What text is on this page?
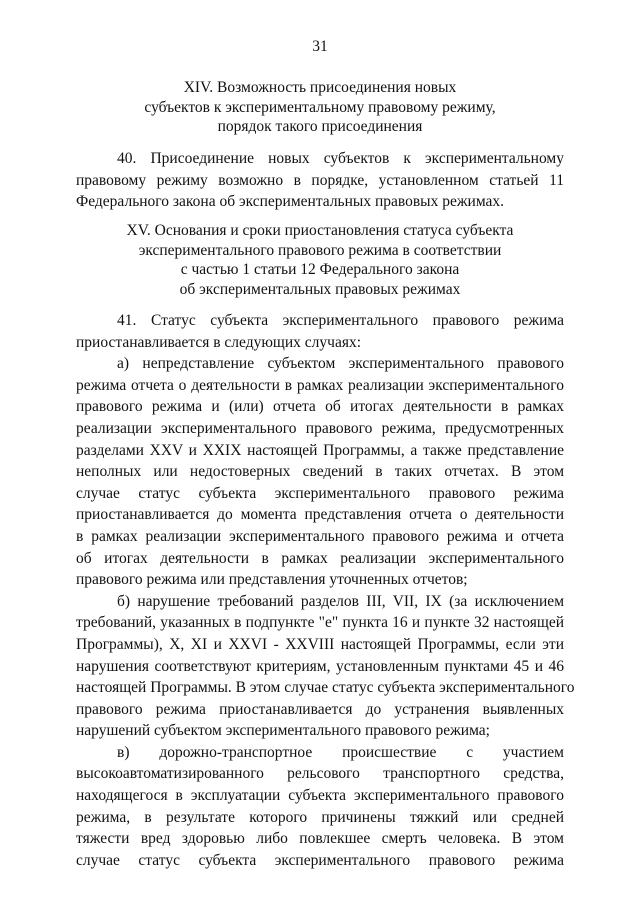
31
XIV. Возможность присоединения новых
субъектов к экспериментальному правовому режиму,
порядок такого присоединения
40. Присоединение новых субъектов к экспериментальному
правовому режиму возможно в порядке, установленном статьей 11
Федерального закона об экспериментальных правовых режимах.
XV. Основания и сроки приостановления статуса субъекта
экспериментального правового режима в соответствии
с частью 1 статьи 12 Федерального закона
об экспериментальных правовых режимах
41. Статус субъекта экспериментального правового режима
приостанавливается в следующих случаях:
а) непредставление субъектом экспериментального правового
режима отчета о деятельности в рамках реализации экспериментального
правового режима и (или) отчета об итогах деятельности в рамках
реализации экспериментального правового режима, предусмотренных
разделами XXV и XXIX настоящей Программы, а также представление
неполных или недостоверных сведений в таких отчетах. В этом
случае статус субъекта экспериментального правового режима
приостанавливается до момента представления отчета о деятельности
в рамках реализации экспериментального правового режима и отчета
об итогах деятельности в рамках реализации экспериментального
правового режима или представления уточненных отчетов;
б) нарушение требований разделов III, VII, IX (за исключением
требований, указанных в подпункте "е" пункта 16 и пункте 32 настоящей
Программы), X, XI и XXVI - XXVIII настоящей Программы, если эти
нарушения соответствуют критериям, установленным пунктами 45 и 46
настоящей Программы. В этом случае статус субъекта экспериментального
правового режима приостанавливается до устранения выявленных
нарушений субъектом экспериментального правового режима;
в) дорожно-транспортное происшествие с участием
высокоавтоматизированного рельсового транспортного средства,
находящегося в эксплуатации субъекта экспериментального правового
режима, в результате которого причинены тяжкий или средней
тяжести вред здоровью либо повлекшее смерть человека. В этом
случае статус субъекта экспериментального правового режима
